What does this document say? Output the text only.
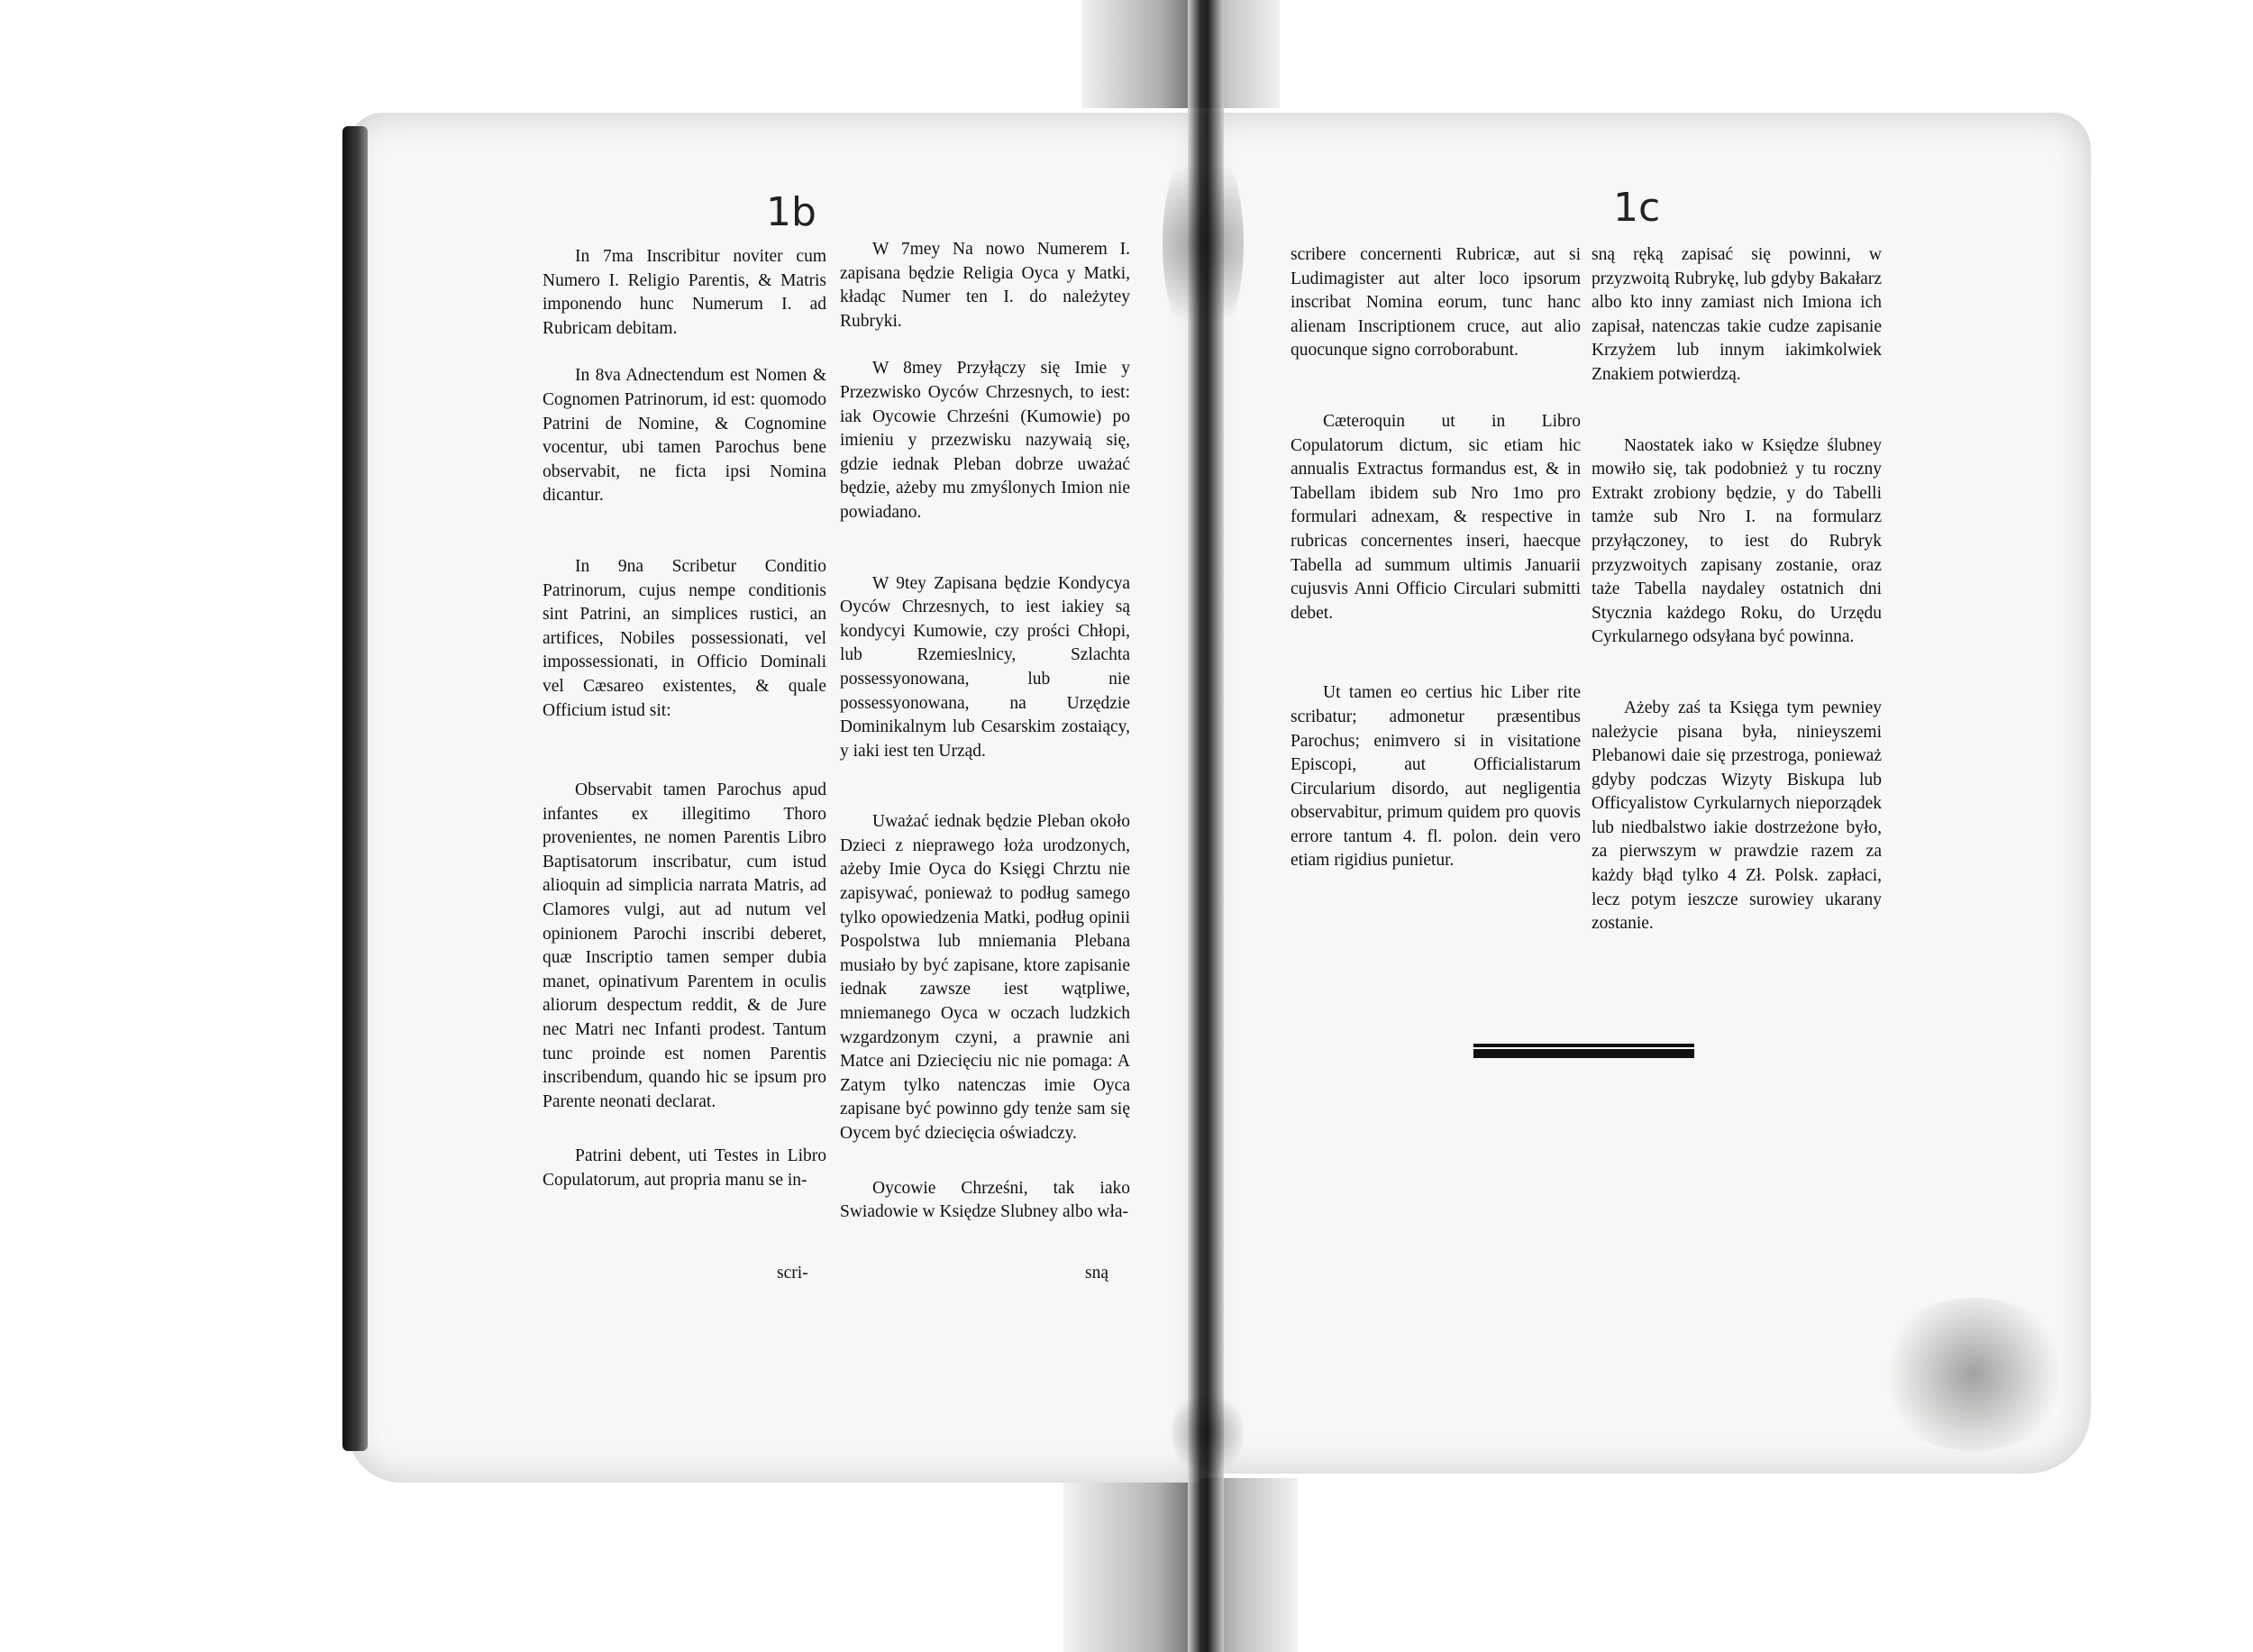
1b	1c

In 7ma Inscribitur noviter cum Numero I. Religio Parentis, & Matris imponendo hunc Numerum I. ad Rubricam debitam.

In 8va Adnectendum est Nomen & Cognomen Patrinorum, id est: quomodo Patrini de Nomine, & Cognomine vocentur, ubi tamen Parochus bene observabit, ne ficta ipsi Nomina dicantur.

In 9na Scribetur Conditio Patrinorum, cujus nempe conditionis sint Patrini, an simplices rustici, an artifices, Nobiles possessionati, vel impossessionati, in Officio Dominali vel Cæsareo existentes, & quale Officium istud sit:

Observabit tamen Parochus apud infantes ex illegitimo Thoro provenientes, ne nomen Parentis Libro Baptisatorum inscribatur, cum istud alioquin ad simplicia narrata Matris, ad Clamores vulgi, aut ad nutum vel opinionem Parochi inscribi deberet, quæ Inscriptio tamen semper dubia manet, opinativum Parentem in oculis aliorum despectum reddit, & de Jure nec Matri nec Infanti prodest. Tantum tunc proinde est nomen Parentis inscribendum, quando hic se ipsum pro Parente neonati declarat.

Patrini debent, uti Testes in Libro Copulatorum, aut propria manu se in-

scri-

W 7mey Na nowo Numerem I. zapisana będzie Religia Oyca y Matki, kładąc Numer ten I. do należytey Rubryki.

W 8mey Przyłączy się Imie y Przezwisko Oyców Chrzesnych, to iest: iak Oycowie Chrześni (Kumowie) po imieniu y przezwisku nazywaią się, gdzie iednak Pleban dobrze uważać będzie, ażeby mu zmyślonych Imion nie powiadano.

W 9tey Zapisana będzie Kondycya Oyców Chrzesnych, to iest iakiey są kondycyi Kumowie, czy prości Chłopi, lub Rzemieslnicy, Szlachta possessyonowana, lub nie possessyonowana, na Urzędzie Dominikalnym lub Cesarskim zostaiący, y iaki iest ten Urząd.

Uważać iednak będzie Pleban około Dzieci z nieprawego łoża urodzonych, ażeby Imie Oyca do Księgi Chrztu nie zapisywać, ponieważ to podług samego tylko opowiedzenia Matki, podług opinii Pospolstwa lub mniemania Plebana musiało by być zapisane, ktore zapisanie iednak zawsze iest wątpliwe, mniemanego Oyca w oczach ludzkich wzgardzonym czyni, a prawnie ani Matce ani Dziecięciu nic nie pomaga: A Zatym tylko natenczas imie Oyca zapisane być powinno gdy tenże sam się Oycem być dziecięcia oświadczy.

Oycowie Chrześni, tak iako Swiadowie w Księdze Slubney albo wła-

sną

scribere concernenti Rubricæ, aut si Ludimagister aut alter loco ipsorum inscribat Nomina eorum, tunc hanc alienam Inscriptionem cruce, aut alio quocunque signo corroborabunt.

Cæteroquin ut in Libro Copulatorum dictum, sic etiam hic annualis Extractus formandus est, & in Tabellam ibidem sub Nro 1mo pro formulari adnexam, & respective in rubricas concernentes inseri, haecque Tabella ad summum ultimis Januarii cujusvis Anni Officio Circulari submitti debet.

Ut tamen eo certius hic Liber rite scribatur; admonetur præsentibus Parochus; enimvero si in visitatione Episcopi, aut Officialistarum Circularium disordo, aut negligentia observabitur, primum quidem pro quovis errore tantum 4. fl. polon. dein vero etiam rigidius punietur.

sną ręką zapisać się powinni, w przyzwoitą Rubrykę, lub gdyby Bakałarz albo kto inny zamiast nich Imiona ich zapisał, natenczas takie cudze zapisanie Krzyżem lub innym iakimkolwiek Znakiem potwierdzą.

Naostatek iako w Księdze ślubney mowiło się, tak podobnież y tu roczny Extrakt zrobiony będzie, y do Tabelli tamże sub Nro I. na formularz przyłączoney, to iest do Rubryk przyzwoitych zapisany zostanie, oraz taże Tabella naydaley ostatnich dni Stycznia każdego Roku, do Urzędu Cyrkularnego odsyłana być powinna.

Ażeby zaś ta Księga tym pewniey należycie pisana była, ninieyszemi Plebanowi daie się przestroga, ponieważ gdyby podczas Wizyty Biskupa lub Officyalistow Cyrkularnych nieporządek lub niedbalstwo iakie dostrzeżone było, za pierwszym w prawdzie razem za każdy błąd tylko 4 Zł. Polsk. zapłaci, lecz potym ieszcze surowiey ukarany zostanie.
